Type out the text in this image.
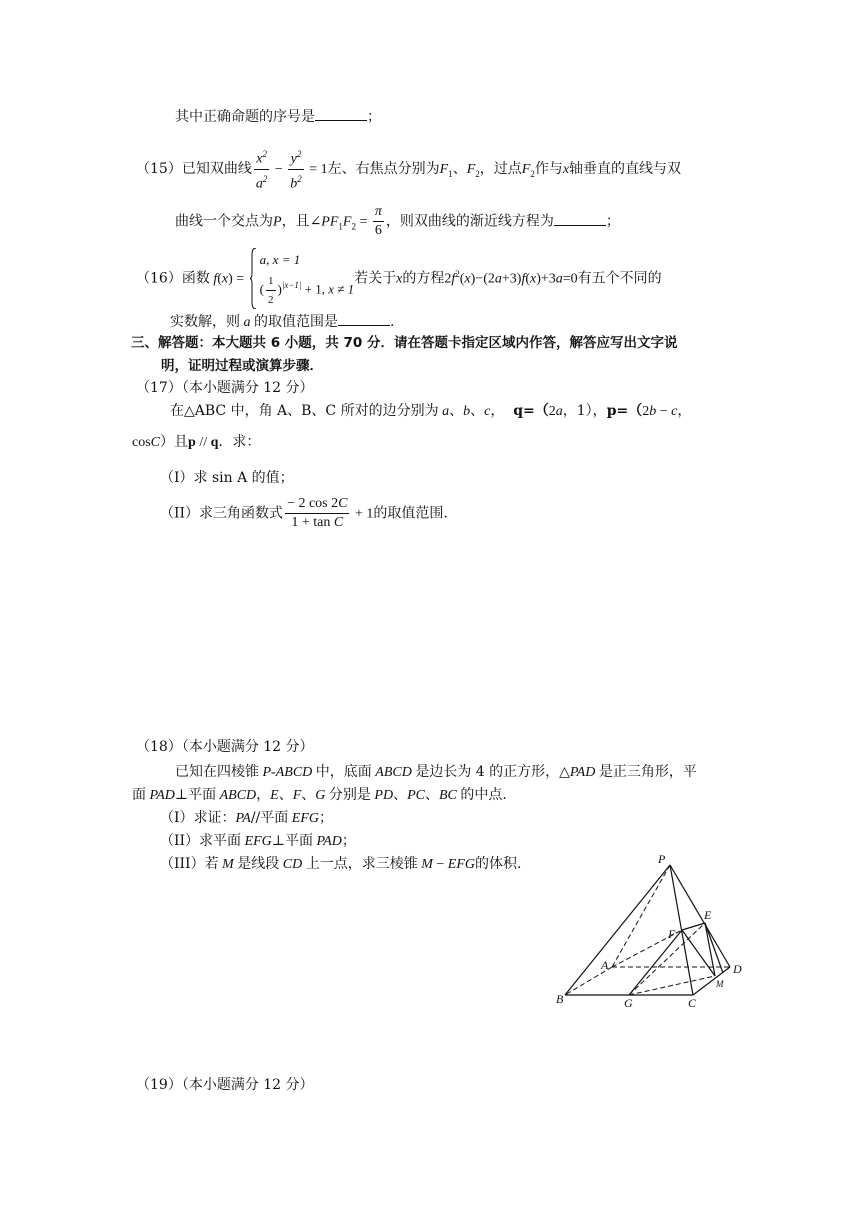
其中正确命题的序号是	；
（15）已知双曲线 $\frac{x^2}{a^2} - \frac{y^2}{b^2} = 1$左、右焦点分别为$F_1$、$F_2$，过点$F_2$作与x轴垂直的直线与双
曲线一个交点为P，且$\angle PF_1F_2 = \frac{\pi}{6}$ ，则双曲线的渐近线方程为	；
（16）函数 f(x) =
a, x = 1
( $\frac{1}{2} )^{|x-1|} + 1$, x ≠ 1
若关于x的方程$2f^2(x)-(2a+3)f(x)+3a=0$有五个不同的
实数解，则 a 的取值范围是	.
三、解答题：本大题共 6 小题，共 70 分．请在答题卡指定区域内作答，解答应写出文字说
明，证明过程或演算步骤．
（17）（本小题满分 12 分）
在△ABC 中，角 A、B、C 所对的边分别为 a、b、c， q=（2a，1），p=（2b − c，
cosC）且p // q．求：
（I）求 sin A 的值；
（II）求三角函数式 $\frac{- 2 \cos 2C}{\text{1 + tan C}} + 1$的取值范围.
（18）（本小题满分 12 分）
已知在四棱锥 P-ABCD 中，底面 ABCD 是边长为 4 的正方形，△PAD 是正三角形，平
面 PAD⊥平面 ABCD，E、F、G 分别是 PD、PC、BC 的中点.
（I）求证：PA//平面 EFG；
（II）求平面 EFG⊥平面 PAD；
（III）若 M 是线段 CD 上一点，求三棱锥 M − EFG的体积.	P
E
F
A	D
M
B	G	C
（19）（本小题满分 12 分）
